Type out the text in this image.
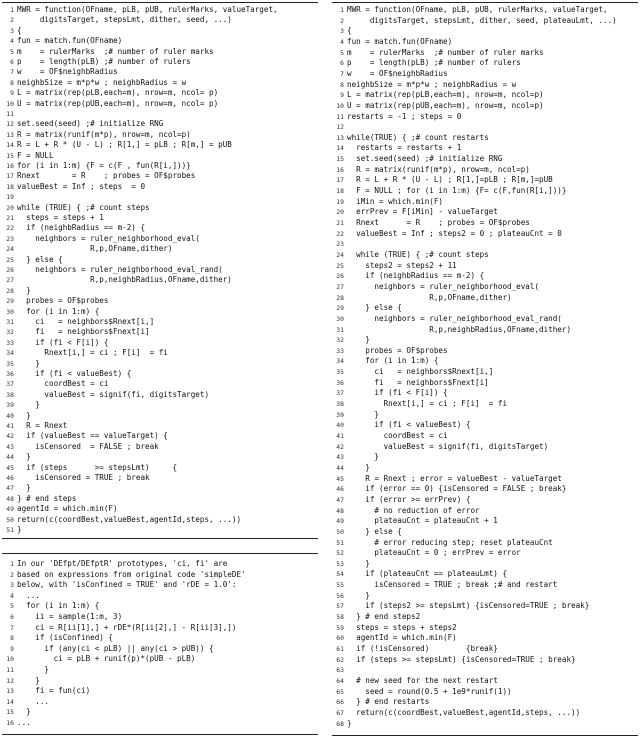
1 MWR = function(OFname, pLB, pUB, rulerMarks, valueTarget,
2 digitsTarget, stepsLmt, dither, seed, ...)
3 {
4 fun = match.fun(OFname)
5 m    = rulerMarks  ;# number of ruler marks
6 p    = length(pLB) ;# number of rulers
7 w    = OF$neighbRadius
8 neighbSize = m*p*w ; neighbRadius = w
9 L = matrix(rep(pLB,each=m), nrow=m, ncol= p)
10 U = matrix(rep(pUB,each=m), nrow=m, ncol= p)
11
12 set.seed(seed) ;# initialize RNG
13 R = matrix(runif(m*p), nrow=m, ncol=p)
14 R = L + R * (U - L) ; R[1,] = pLB ; R[m,] = pUB
15 F = NULL
16 for (i in 1:m) {F = c(F , fun(R[i,]))}
17 Rnext       = R    ; probes = OF$probes
18 valueBest = Inf ; steps  = 0
19
20 while (TRUE) { ;# count steps
21 steps = steps + 1
22 if (neighbRadius == m-2) {
23 neighbors = ruler_neighborhood_eval(
24 R,p,OFname,dither)
25 } else {
26 neighbors = ruler_neighborhood_eval_rand(
27 R,p,neighbRadius,OFname,dither)
28 }
29 probes = OF$probes
30 for (i in 1:m) {
31 ci   = neighbors$Rnext[i,]
32 fi   = neighbors$Fnext[i]
33 if (fi < F[i]) {
34 Rnext[i,] = ci ; F[i]  = fi
35 }
36 if (fi < valueBest) {
37 coordBest = ci
38 valueBest = signif(fi, digitsTarget)
39 }
40 }
41 R = Rnext
42 if (valueBest == valueTarget) {
43 isCensored  = FALSE ; break
44 }
45 if (steps      >= stepsLmt)     {
46 isCensored = TRUE ; break
47 }
48 } # end steps
49 agentId = which.min(F)
50 return(c(coordBest,valueBest,agentId,steps, ...))
51 }
1 In our 'DEfpt/DEfptR' prototypes, 'ci, fi' are
2 based on expressions from original code 'simpleDE'
3 below, with 'isConfined = TRUE' and 'rDE = 1.0':
4 ...
5 for (i in 1:m) {
6 ii = sample(1:m, 3)
7 ci = R[ii[1],] + rDE*(R[ii[2],] - R[ii[3],])
8 if (isConfined) {
9 if (any(ci < pLB) || any(ci > pUB)) {
10 ci = pLB + runif(p)*(pUB - pLB)
11 }
12 }
13 fi = fun(ci)
14 ...
15 }
16 ...
1 MWR = function(OFname, pLB, pUB, rulerMarks, valueTarget,
2 digitsTarget, stepsLmt, dither, seed, plateauLmt, ...)
3 {
4 fun = match.fun(OFname)
5 m    = rulerMarks  ;# number of ruler marks
6 p    = length(pLB) ;# number of rulers
7 w    = OF$neighbRadius
8 neighbSize = m*p*w ; neighbRadius = w
9 L = matrix(rep(pLB,each=m), nrow=m, ncol=p)
10 U = matrix(rep(pUB,each=m), nrow=m, ncol=p)
11 restarts = -1 ; steps = 0
12
13 while(TRUE) { ;# count restarts
14 restarts = restarts + 1
15 set.seed(seed) ;# initialize RNG
16 R = matrix(runif(m*p), nrow=m, ncol=p)
17 R = L + R * (U - L) ; R[1,]=pLB ; R[m,]=pUB
18 F = NULL ; for (i in 1:m) {F= c(F,fun(R[i,]))}
19 iMin = which.min(F)
20 errPrev = F[iMin] - valueTarget
21 Rnext      = R    ; probes = OF$probes
22 valueBest = Inf ; steps2 = 0 ; plateauCnt = 0
23
24 while (TRUE) { ;# count steps
25 steps2 = steps2 + 11
26 if (neighbRadius == m-2) {
27 neighbors = ruler_neighborhood_eval(
28 R,p,OFname,dither)
29 } else {
30 neighbors = ruler_neighborhood_eval_rand(
31 R,p,neighbRadius,OFname,dither)
32 }
33 probes = OF$probes
34 for (i in 1:m) {
35 ci   = neighbors$Rnext[i,]
36 fi   = neighbors$Fnext[i]
37 if (fi < F[i]) {
38 Rnext[i,] = ci ; F[i]  = fi
39 }
40 if (fi < valueBest) {
41 coordBest = ci
42 valueBest = signif(fi, digitsTarget)
43 }
44 }
45 R = Rnext ; error = valueBest - valueTarget
46 if (error == 0) {isCensored = FALSE ; break}
47 if (error >= errPrev) {
48 # no reduction of error
49 plateauCnt = plateauCnt + 1
50 } else {
51 # error reducing step; reset plateauCnt
52 plateauCnt = 0 ; errPrev = error
53 }
54 if (plateauCnt == plateauLmt) {
55 isCensored = TRUE ; break ;# and restart
56 }
57 if (steps2 >= stepsLmt) {isCensored=TRUE ; break}
58 } # end steps2
59 steps = steps + steps2
60 agentId = which.min(F)
61 if (!isCensored)        {break}
62 if (steps >= stepsLmt) {isCensored=TRUE ; break}
63
64 # new seed for the next restart
65 seed = round(0.5 + 1e9*runif(1))
66 } # end restarts
67 return(c(coordBest,valueBest,agentId,steps, ...))
68 }
